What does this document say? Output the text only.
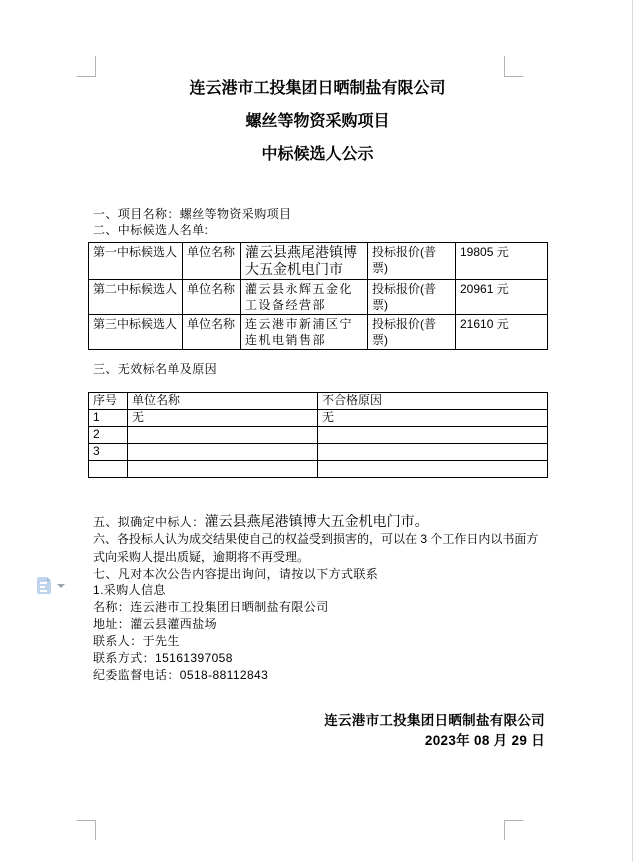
连云港市工投集团日晒制盐有限公司
螺丝等物资采购项目
中标候选人公示
一、项目名称：螺丝等物资采购项目
二、中标候选人名单:
第一中标候选人	单位名称	灌云县燕尾港镇博大五金机电门市	投标报价(普票)	19805 元
第二中标候选人	单位名称	灌云县永辉五金化工设备经营部	投标报价(普票)	20961 元
第三中标候选人	单位名称	连云港市新浦区宁连机电销售部	投标报价(普票)	21610 元
三、无效标名单及原因
序号	单位名称	不合格原因
1	无	无
2		
3		

五、拟确定中标人：灌云县燕尾港镇博大五金机电门市。
六、各投标人认为成交结果使自己的权益受到损害的，可以在 3 个工作日内以书面方式向采购人提出质疑，逾期将不再受理。
七、凡对本次公告内容提出询问，请按以下方式联系
1.采购人信息
名称：连云港市工投集团日晒制盐有限公司
地址：灌云县灌西盐场
联系人：于先生
联系方式：15161397058
纪委监督电话：0518-88112843
连云港市工投集团日晒制盐有限公司
2023年 08 月 29 日
